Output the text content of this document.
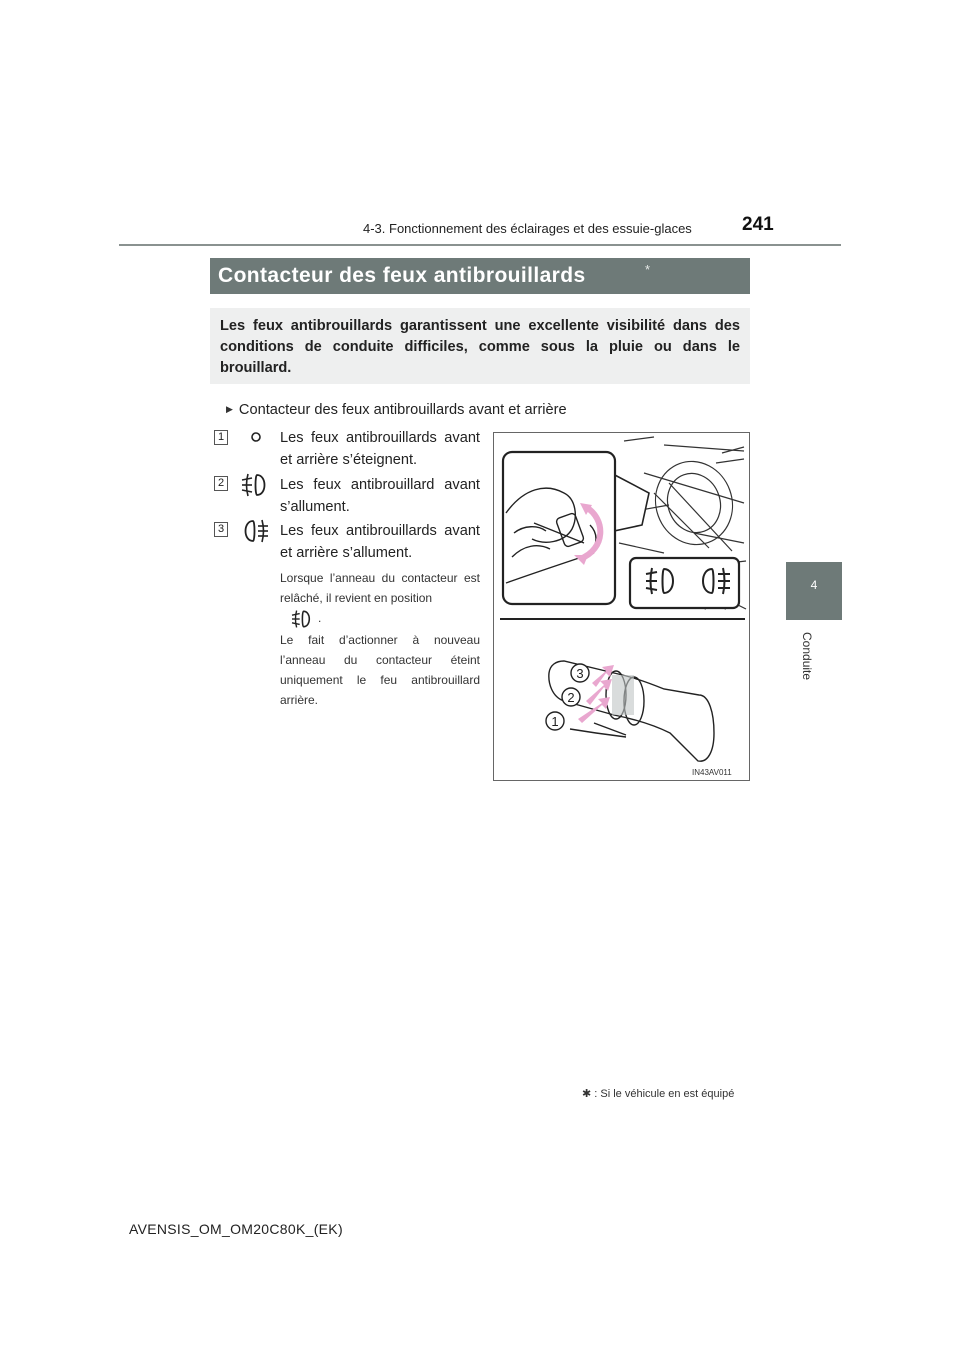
4-3. Fonctionnement des éclairages et des essuie-glaces	241
4
Conduite
Contacteur des feux antibrouillards	*
Les feux antibrouillards garantissent une excellente visibilité dans des conditions de conduite difficiles, comme sous la pluie ou dans le brouillard.
▶ Contacteur des feux antibrouillards avant et arrière
1	Les feux antibrouillards avant et arrière s’éteignent.
2	Les feux antibrouillard avant s’allument.
3	Les feux antibrouillards avant et arrière s’allument.
Lorsque l’anneau du contacteur est relâché, il revient en position
.
Le fait d’actionner à nouveau l’anneau du contacteur éteint uniquement le feu antibrouillard arrière.
1
2
3
IN43AV011
✱ : Si le véhicule en est équipé
AVENSIS_OM_OM20C80K_(EK)
